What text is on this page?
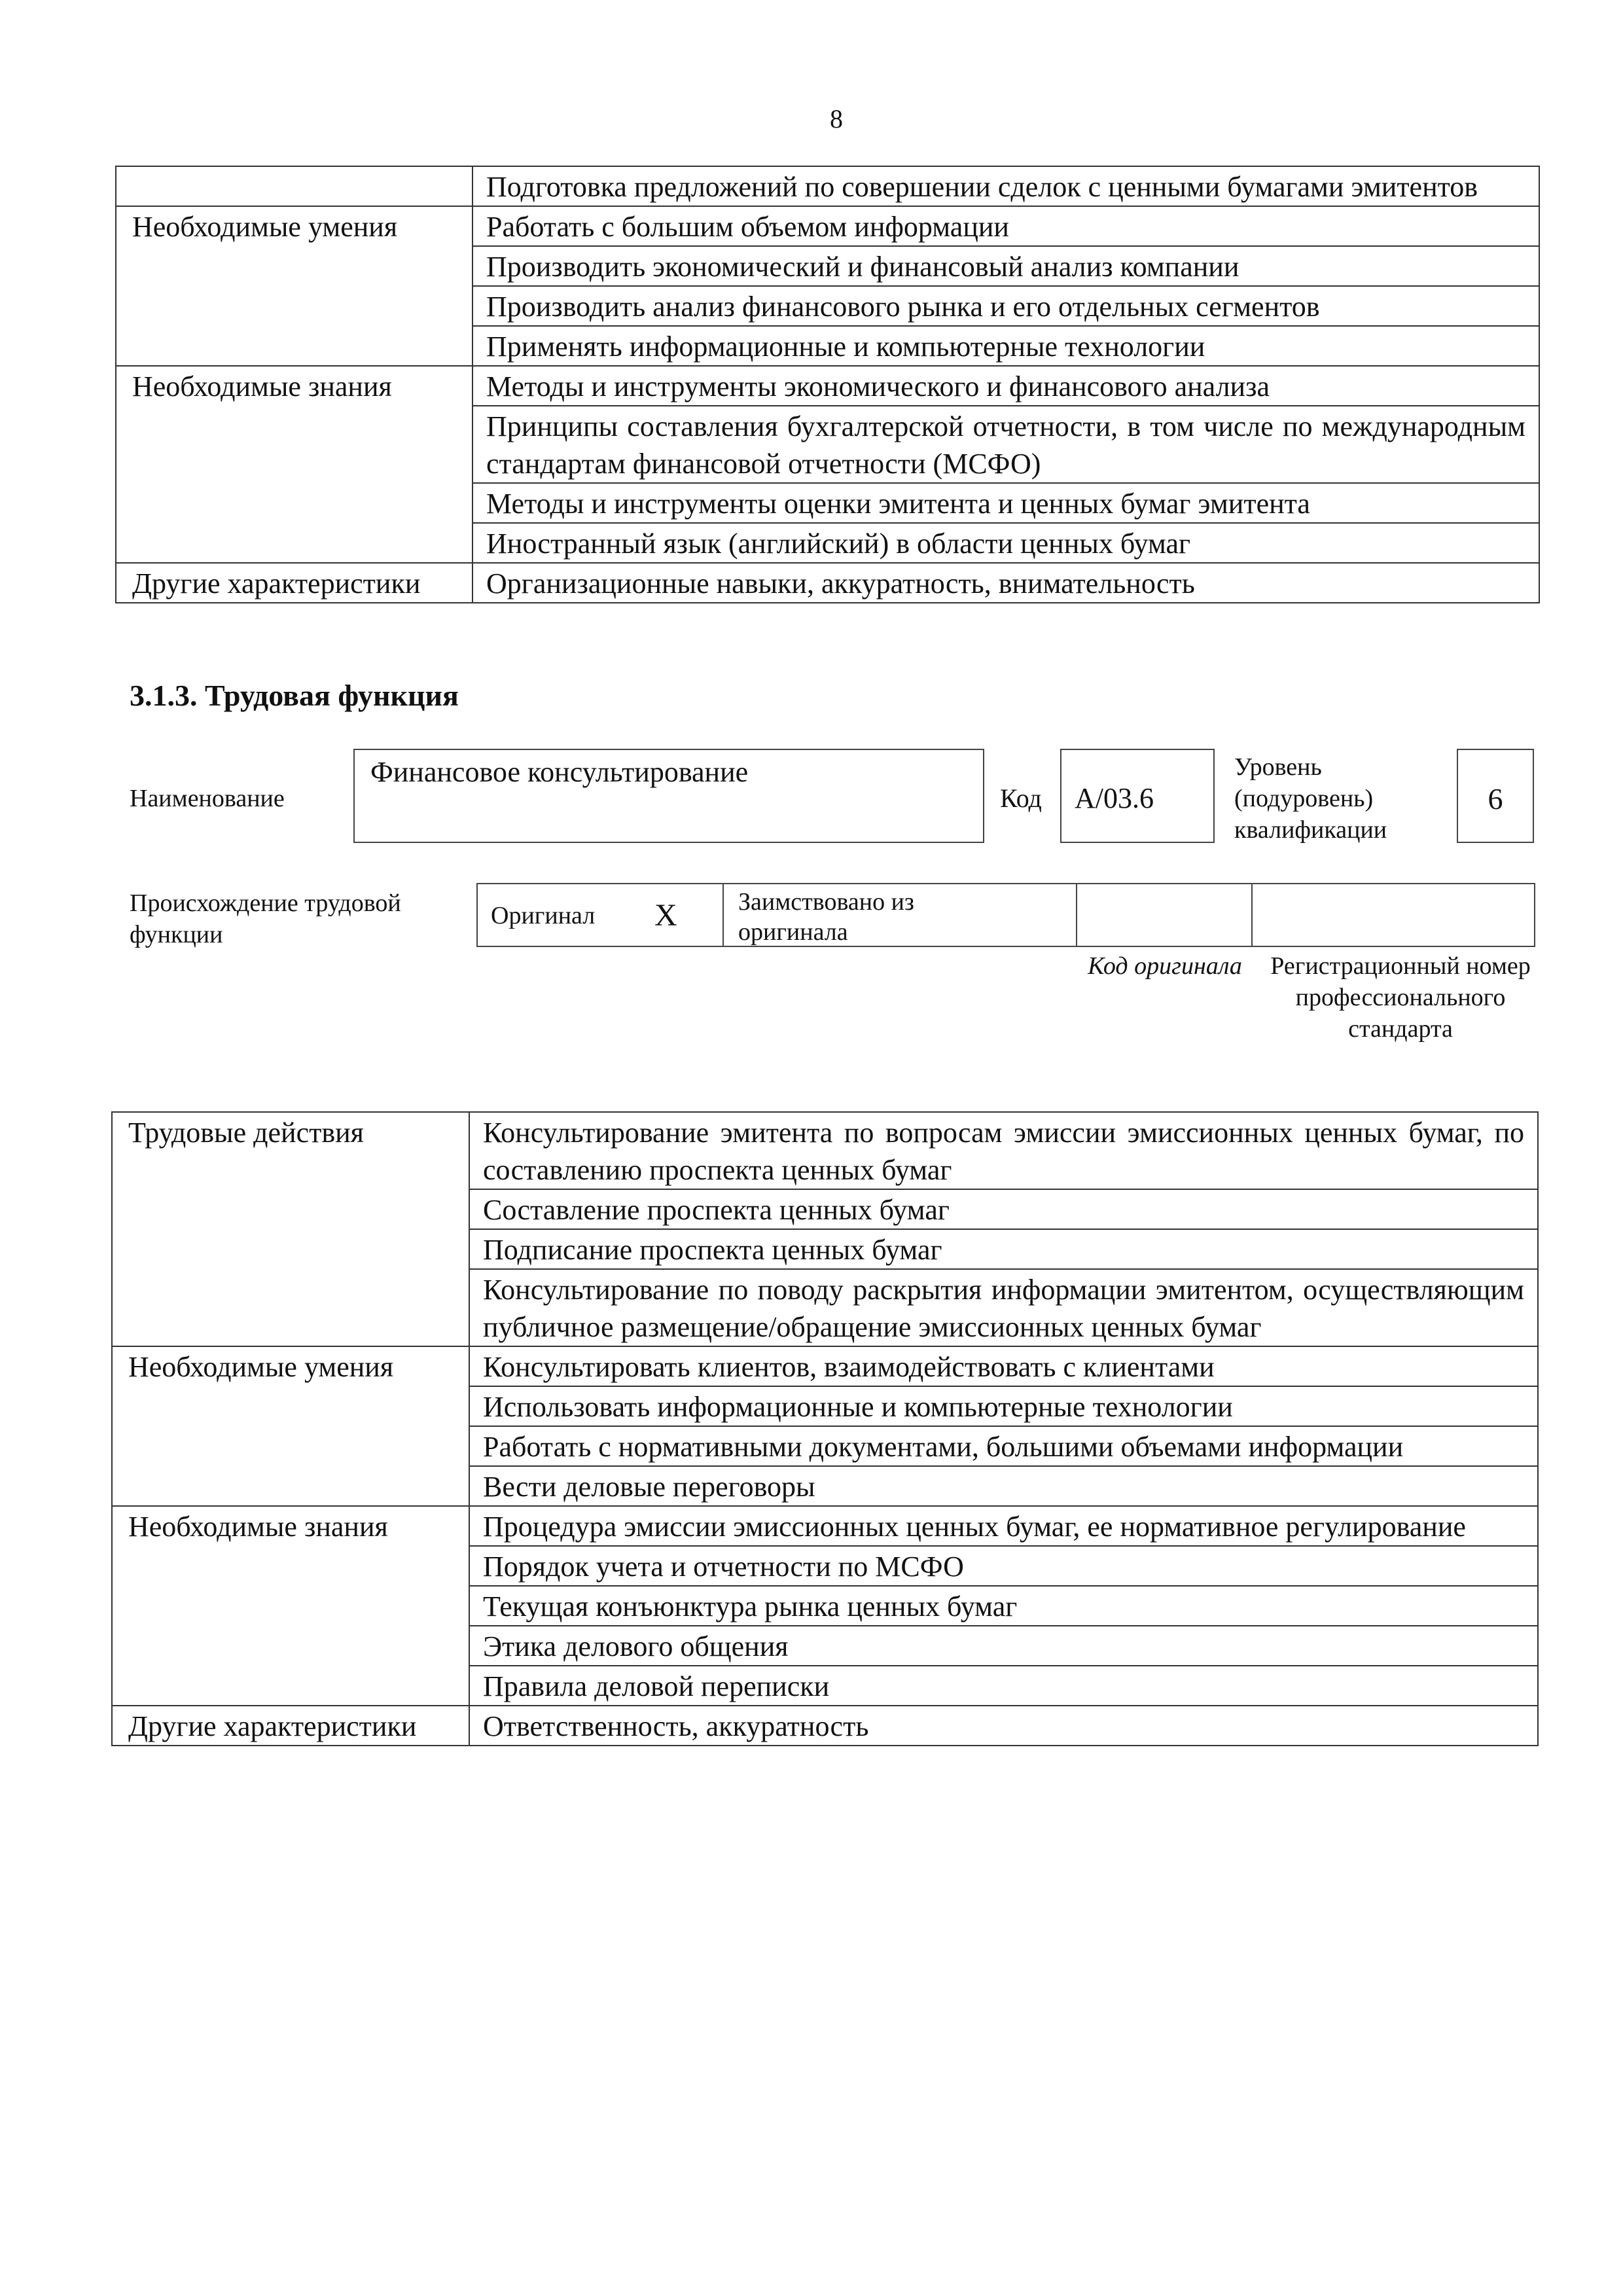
8
	Подготовка предложений по совершении сделок с ценными бумагами эмитентов
Необходимые умения	Работать с большим объемом информации
	Производить экономический и финансовый анализ компании
	Производить анализ финансового рынка и его отдельных сегментов
	Применять информационные и компьютерные технологии
Необходимые знания	Методы и инструменты экономического и финансового анализа
	Принципы составления бухгалтерской отчетности, в том числе по международным стандартам финансовой отчетности (МСФО)
	Методы и инструменты оценки эмитента и ценных бумаг эмитента
	Иностранный язык (английский) в области ценных бумаг
Другие характеристики	Организационные навыки, аккуратность, внимательность
3.1.3. Трудовая функция
Наименование
Финансовое консультирование
Код A/03.6
Уровень (подуровень) квалификации
6
Происхождение трудовой функции
Оригинал X Заимствовано из оригинала
Код оригинала	Регистрационный номер профессионального стандарта
Трудовые действия	Консультирование эмитента по вопросам эмиссии эмиссионных ценных бумаг, по составлению проспекта ценных бумаг
	Составление проспекта ценных бумаг
	Подписание проспекта ценных бумаг
	Консультирование по поводу раскрытия информации эмитентом, осуществляющим публичное размещение/обращение эмиссионных ценных бумаг
Необходимые умения	Консультировать клиентов, взаимодействовать с клиентами
	Использовать информационные и компьютерные технологии
	Работать с нормативными документами, большими объемами информации
	Вести деловые переговоры
Необходимые знания	Процедура эмиссии эмиссионных ценных бумаг, ее нормативное регулирование
	Порядок учета и отчетности по МСФО
	Текущая конъюнктура рынка ценных бумаг
	Этика делового общения
	Правила деловой переписки
Другие характеристики	Ответственность, аккуратность
